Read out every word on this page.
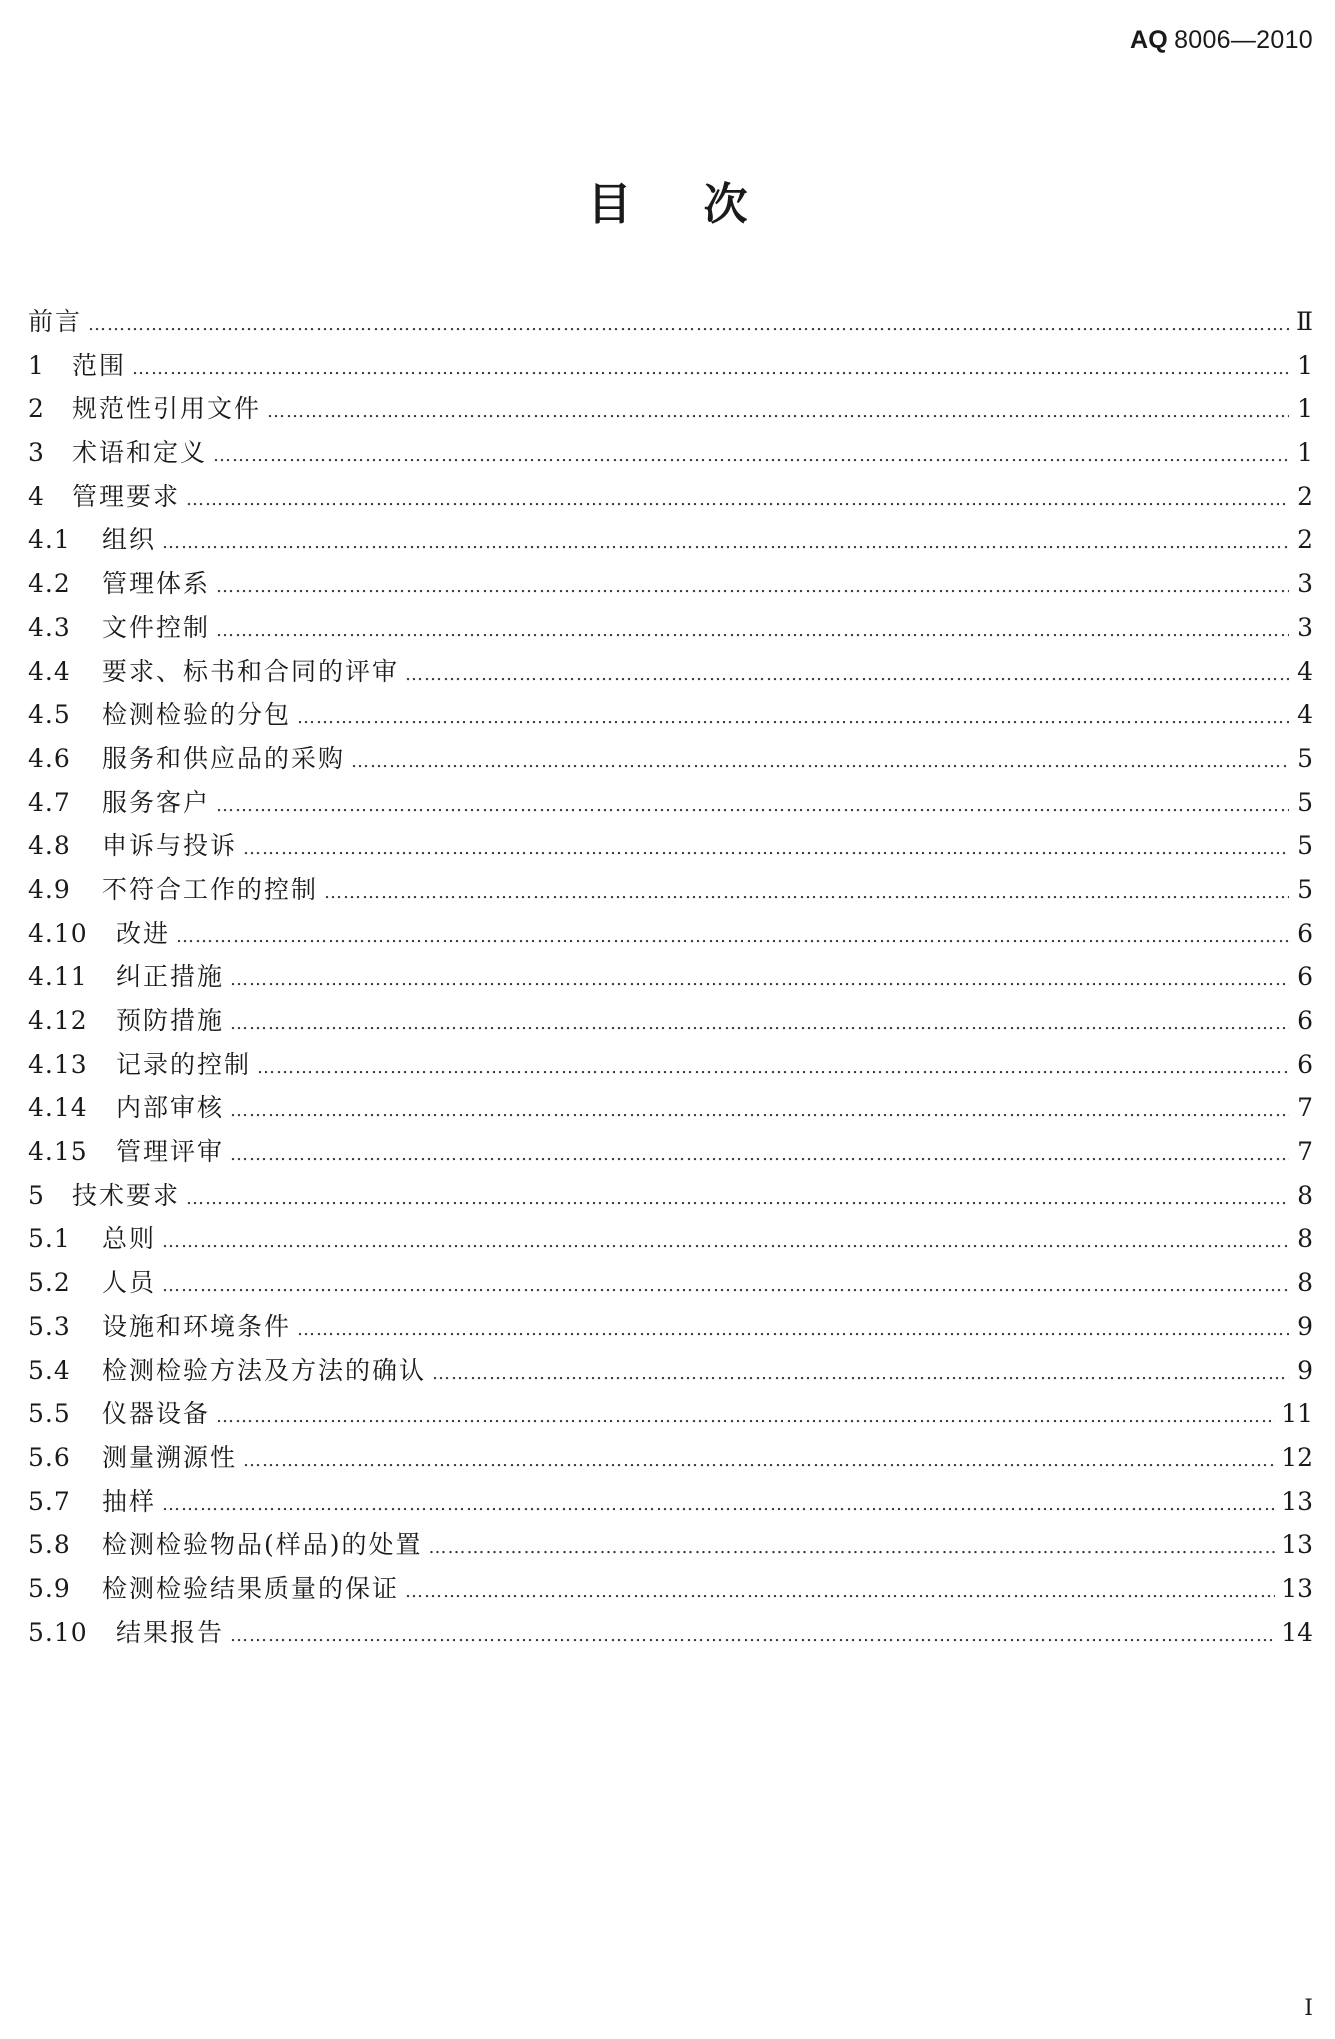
AQ 8006—2010
目次
前言 …………………………………………………………………………………………………………………………………………………………………………………………………………	Ⅱ
1	范围 …………………………………………………………………………………………………………………………………………………………………………………………………………	1
2	规范性引用文件 …………………………………………………………………………………………………………………………………………………………………………………………………………	1
3	术语和定义 …………………………………………………………………………………………………………………………………………………………………………………………………………	1
4	管理要求 …………………………………………………………………………………………………………………………………………………………………………………………………………	2
4.1	组织 …………………………………………………………………………………………………………………………………………………………………………………………………………	2
4.2	管理体系 …………………………………………………………………………………………………………………………………………………………………………………………………………	3
4.3	文件控制 …………………………………………………………………………………………………………………………………………………………………………………………………………	3
4.4	要求、标书和合同的评审 …………………………………………………………………………………………………………………………………………………………………………………………………………	4
4.5	检测检验的分包 …………………………………………………………………………………………………………………………………………………………………………………………………………	4
4.6	服务和供应品的采购 …………………………………………………………………………………………………………………………………………………………………………………………………………	5
4.7	服务客户 …………………………………………………………………………………………………………………………………………………………………………………………………………	5
4.8	申诉与投诉 …………………………………………………………………………………………………………………………………………………………………………………………………………	5
4.9	不符合工作的控制 …………………………………………………………………………………………………………………………………………………………………………………………………………	5
4.10	改进 …………………………………………………………………………………………………………………………………………………………………………………………………………	6
4.11	纠正措施 …………………………………………………………………………………………………………………………………………………………………………………………………………	6
4.12	预防措施 …………………………………………………………………………………………………………………………………………………………………………………………………………	6
4.13	记录的控制 …………………………………………………………………………………………………………………………………………………………………………………………………………	6
4.14	内部审核 …………………………………………………………………………………………………………………………………………………………………………………………………………	7
4.15	管理评审 …………………………………………………………………………………………………………………………………………………………………………………………………………	7
5	技术要求 …………………………………………………………………………………………………………………………………………………………………………………………………………	8
5.1	总则 …………………………………………………………………………………………………………………………………………………………………………………………………………	8
5.2	人员 …………………………………………………………………………………………………………………………………………………………………………………………………………	8
5.3	设施和环境条件 …………………………………………………………………………………………………………………………………………………………………………………………………………	9
5.4	检测检验方法及方法的确认 …………………………………………………………………………………………………………………………………………………………………………………………………………	9
5.5	仪器设备 …………………………………………………………………………………………………………………………………………………………………………………………………………	11
5.6	测量溯源性 …………………………………………………………………………………………………………………………………………………………………………………………………………	12
5.7	抽样 …………………………………………………………………………………………………………………………………………………………………………………………………………	13
5.8	检测检验物品(样品)的处置 …………………………………………………………………………………………………………………………………………………………………………………………………………	13
5.9	检测检验结果质量的保证 …………………………………………………………………………………………………………………………………………………………………………………………………………	13
5.10	结果报告 …………………………………………………………………………………………………………………………………………………………………………………………………………	14
I
